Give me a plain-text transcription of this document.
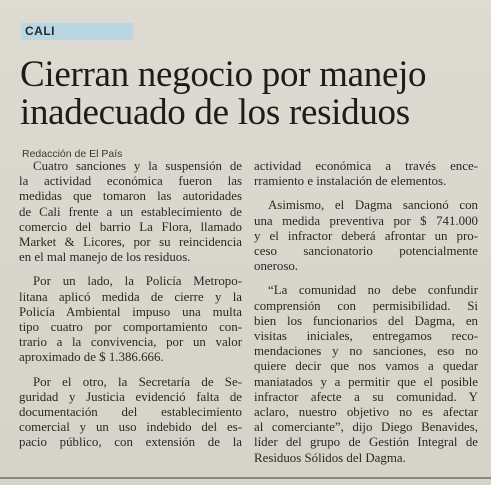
CALI
Cierran negocio por manejo
inadecuado de los residuos
Redacción de El País
Cuatro sanciones y la suspensión de
la actividad económica fueron las
medidas que tomaron las autoridades
de Cali frente a un establecimiento de
comercio del barrio La Flora, llamado
Market & Licores, por su reincidencia
en el mal manejo de los residuos.
Por un lado, la Policía Metropo-
litana aplicó medida de cierre y la
Policía Ambiental impuso una multa
tipo cuatro por comportamiento con-
trario a la convivencia, por un valor
aproximado de $ 1.386.666.
Por el otro, la Secretaría de Se-
guridad y Justicia evidenció falta de
documentación del establecimiento
comercial y un uso indebido del es-
pacio público, con extensión de la
actividad económica a través ence-
rramiento e instalación de elementos.
Asimismo, el Dagma sancionó con
una medida preventiva por $ 741.000
y el infractor deberá afrontar un pro-
ceso sancionatorio potencialmente
oneroso.
“La comunidad no debe confundir
comprensión con permisibilidad. Si
bien los funcionarios del Dagma, en
visitas iniciales, entregamos reco-
mendaciones y no sanciones, eso no
quiere decir que nos vamos a quedar
maniatados y a permitir que el posible
infractor afecte a su comunidad. Y
aclaro, nuestro objetivo no es afectar
al comerciante”, dijo Diego Benavides,
líder del grupo de Gestión Integral de
Residuos Sólidos del Dagma.
